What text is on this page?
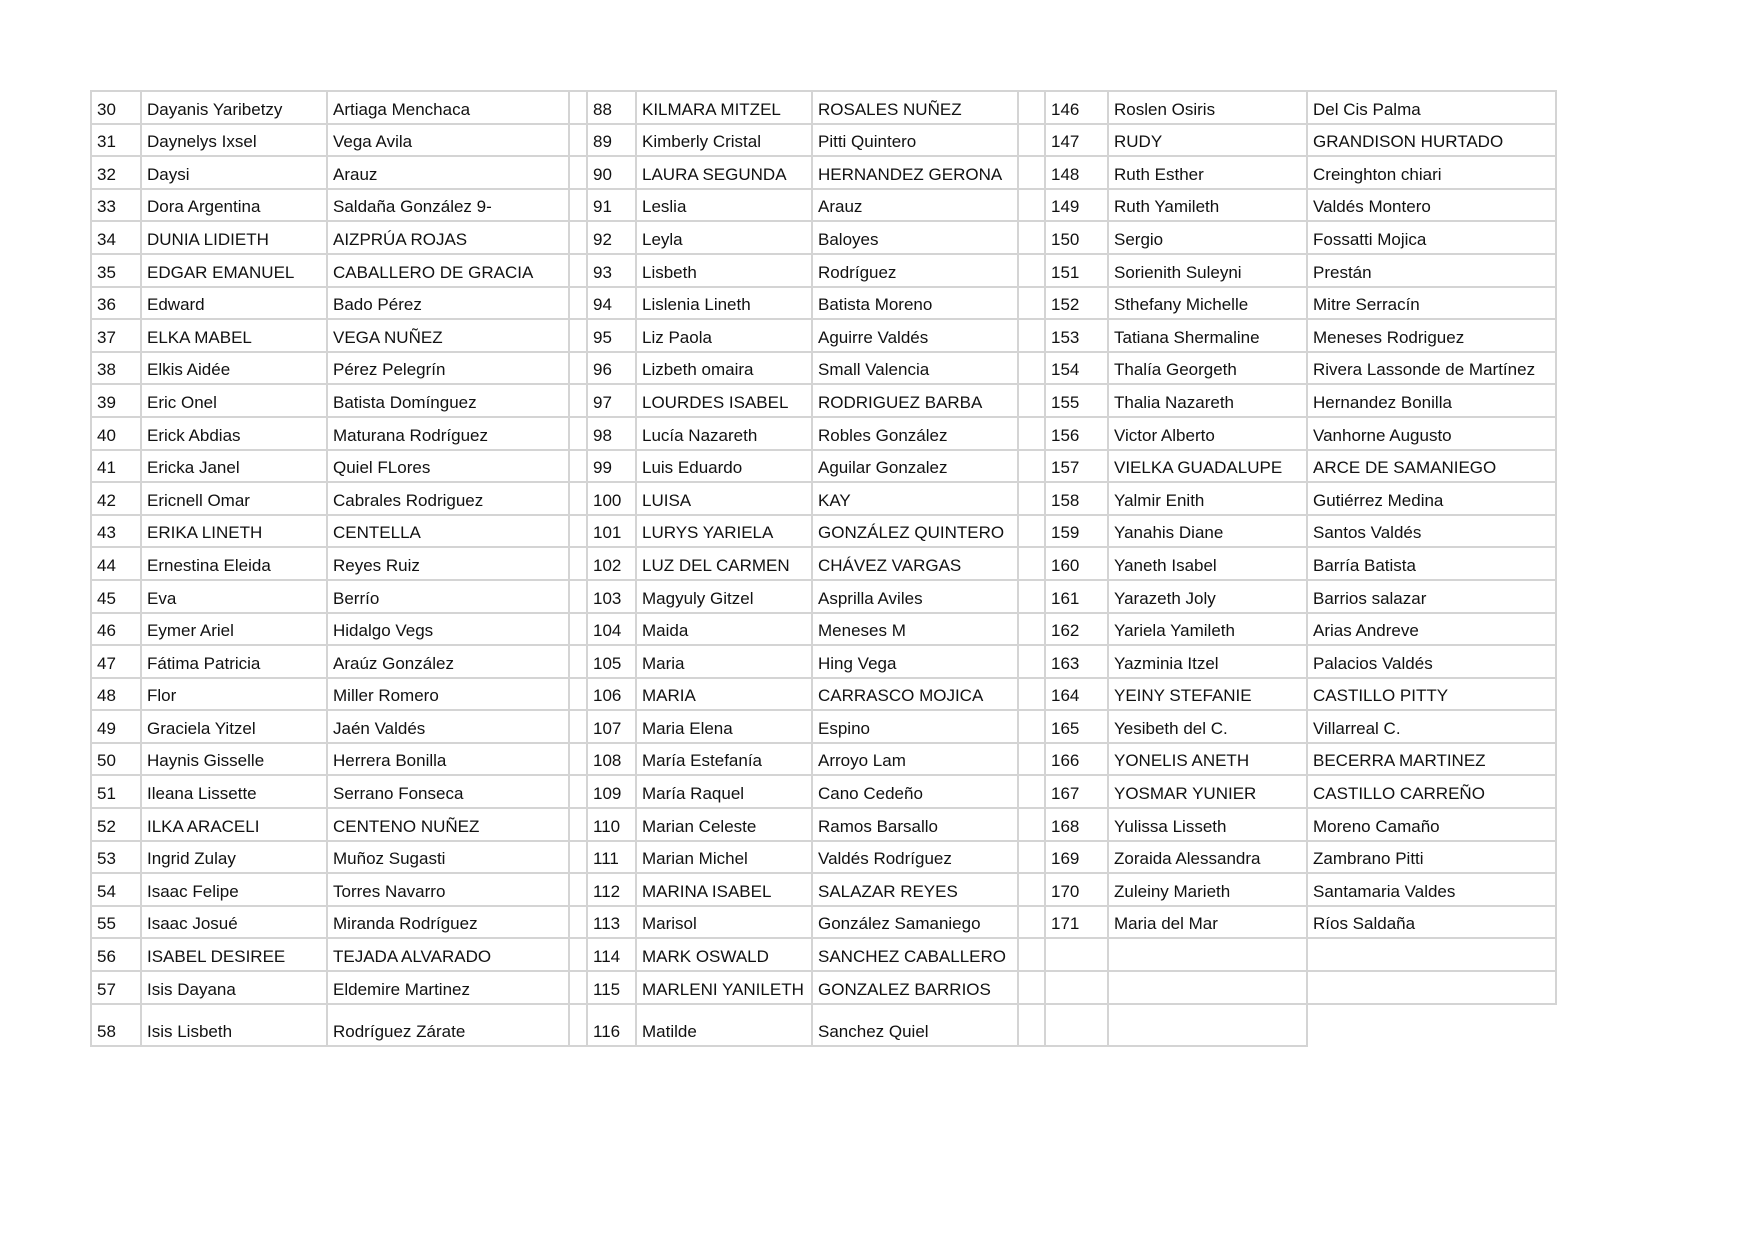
30	Dayanis Yaribetzy	Artiaga Menchaca		88	KILMARA MITZEL	ROSALES NUÑEZ		146	Roslen Osiris	Del Cis Palma
31	Daynelys Ixsel	Vega Avila		89	Kimberly Cristal	Pitti Quintero		147	RUDY	GRANDISON HURTADO
32	Daysi	Arauz		90	LAURA SEGUNDA	HERNANDEZ GERONA		148	Ruth Esther	Creinghton chiari
33	Dora Argentina	Saldaña González 9-		91	Leslia	Arauz		149	Ruth Yamileth	Valdés Montero
34	DUNIA LIDIETH	AIZPRÚA ROJAS		92	Leyla	Baloyes		150	Sergio	Fossatti Mojica
35	EDGAR EMANUEL	CABALLERO DE GRACIA		93	Lisbeth	Rodríguez		151	Sorienith Suleyni	Prestán
36	Edward	Bado Pérez		94	Lislenia Lineth	Batista Moreno		152	Sthefany Michelle	Mitre Serracín
37	ELKA MABEL	VEGA NUÑEZ		95	Liz Paola	Aguirre Valdés		153	Tatiana Shermaline	Meneses Rodriguez
38	Elkis Aidée	Pérez Pelegrín		96	Lizbeth omaira	Small Valencia		154	Thalía Georgeth	Rivera Lassonde de Martínez
39	Eric Onel	Batista Domínguez		97	LOURDES ISABEL	RODRIGUEZ BARBA		155	Thalia Nazareth	Hernandez Bonilla
40	Erick Abdias	Maturana Rodríguez		98	Lucía Nazareth	Robles González		156	Victor Alberto	Vanhorne Augusto
41	Ericka Janel	Quiel FLores		99	Luis Eduardo	Aguilar Gonzalez		157	VIELKA GUADALUPE	ARCE DE SAMANIEGO
42	Ericnell Omar	Cabrales Rodriguez		100	LUISA	KAY		158	Yalmir Enith	Gutiérrez Medina
43	ERIKA LINETH	CENTELLA		101	LURYS YARIELA	GONZÁLEZ QUINTERO		159	Yanahis Diane	Santos Valdés
44	Ernestina Eleida	Reyes Ruiz		102	LUZ DEL CARMEN	CHÁVEZ VARGAS		160	Yaneth Isabel	Barría Batista
45	Eva	Berrío		103	Magyuly Gitzel	Asprilla Aviles		161	Yarazeth Joly	Barrios salazar
46	Eymer Ariel	Hidalgo Vegs		104	Maida	Meneses M		162	Yariela Yamileth	Arias Andreve
47	Fátima Patricia	Araúz González		105	Maria	Hing Vega		163	Yazminia Itzel	Palacios Valdés
48	Flor	Miller Romero		106	MARIA	CARRASCO MOJICA		164	YEINY STEFANIE	CASTILLO PITTY
49	Graciela Yitzel	Jaén Valdés		107	Maria Elena	Espino		165	Yesibeth del C.	Villarreal C.
50	Haynis Gisselle	Herrera Bonilla		108	María Estefanía	Arroyo Lam		166	YONELIS ANETH	BECERRA MARTINEZ
51	Ileana Lissette	Serrano Fonseca		109	María Raquel	Cano Cedeño		167	YOSMAR YUNIER	CASTILLO CARREÑO
52	ILKA ARACELI	CENTENO NUÑEZ		110	Marian Celeste	Ramos Barsallo		168	Yulissa Lisseth	Moreno Camaño
53	Ingrid Zulay	Muñoz Sugasti		111	Marian Michel	Valdés Rodríguez		169	Zoraida Alessandra	Zambrano Pitti
54	Isaac Felipe	Torres Navarro		112	MARINA ISABEL	SALAZAR REYES		170	Zuleiny Marieth	Santamaria Valdes
55	Isaac Josué	Miranda Rodríguez		113	Marisol	González Samaniego		171	Maria del Mar	Ríos Saldaña
56	ISABEL DESIREE	TEJADA ALVARADO		114	MARK OSWALD	SANCHEZ CABALLERO				
57	Isis Dayana	Eldemire Martinez		115	MARLENI YANILETH	GONZALEZ BARRIOS				
58	Isis Lisbeth	Rodríguez Zárate		116	Matilde	Sanchez Quiel				
